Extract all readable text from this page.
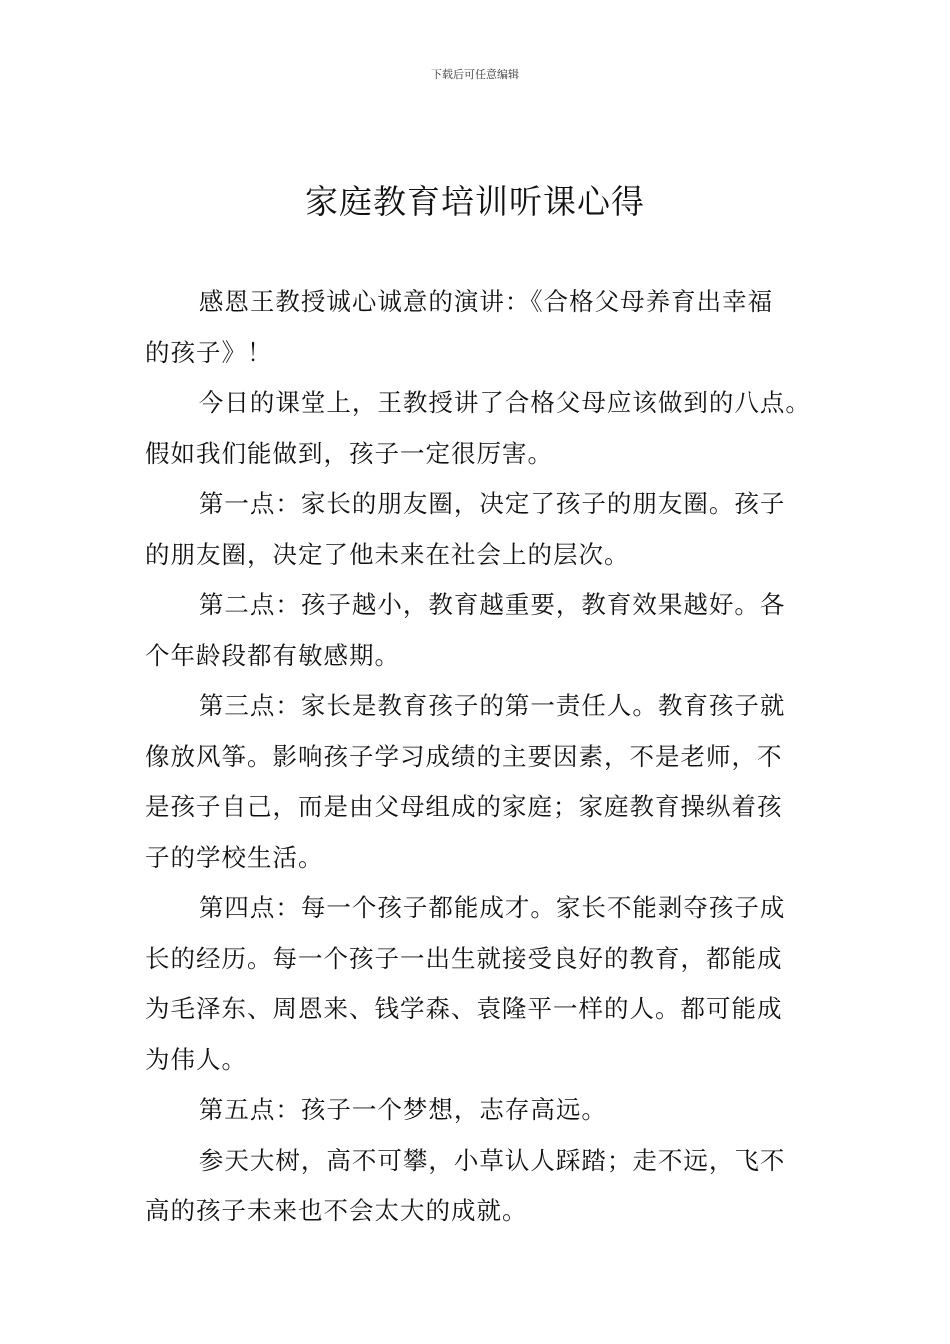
下载后可任意编辑
家庭教育培训听课心得

感恩王教授诚心诚意的演讲：《合格父母养育出幸福
的孩子》！

今日的课堂上，王教授讲了合格父母应该做到的八点。
假如我们能做到，孩子一定很厉害。

第一点：家长的朋友圈，决定了孩子的朋友圈。孩子
的朋友圈，决定了他未来在社会上的层次。

第二点：孩子越小，教育越重要，教育效果越好。各
个年龄段都有敏感期。

第三点：家长是教育孩子的第一责任人。教育孩子就
像放风筝。影响孩子学习成绩的主要因素，不是老师，不
是孩子自己，而是由父母组成的家庭；家庭教育操纵着孩
子的学校生活。

第四点：每一个孩子都能成才。家长不能剥夺孩子成
长的经历。每一个孩子一出生就接受良好的教育，都能成
为毛泽东、周恩来、钱学森、袁隆平一样的人。都可能成
为伟人。

第五点：孩子一个梦想，志存高远。

参天大树，高不可攀，小草认人踩踏；走不远，飞不
高的孩子未来也不会太大的成就。
